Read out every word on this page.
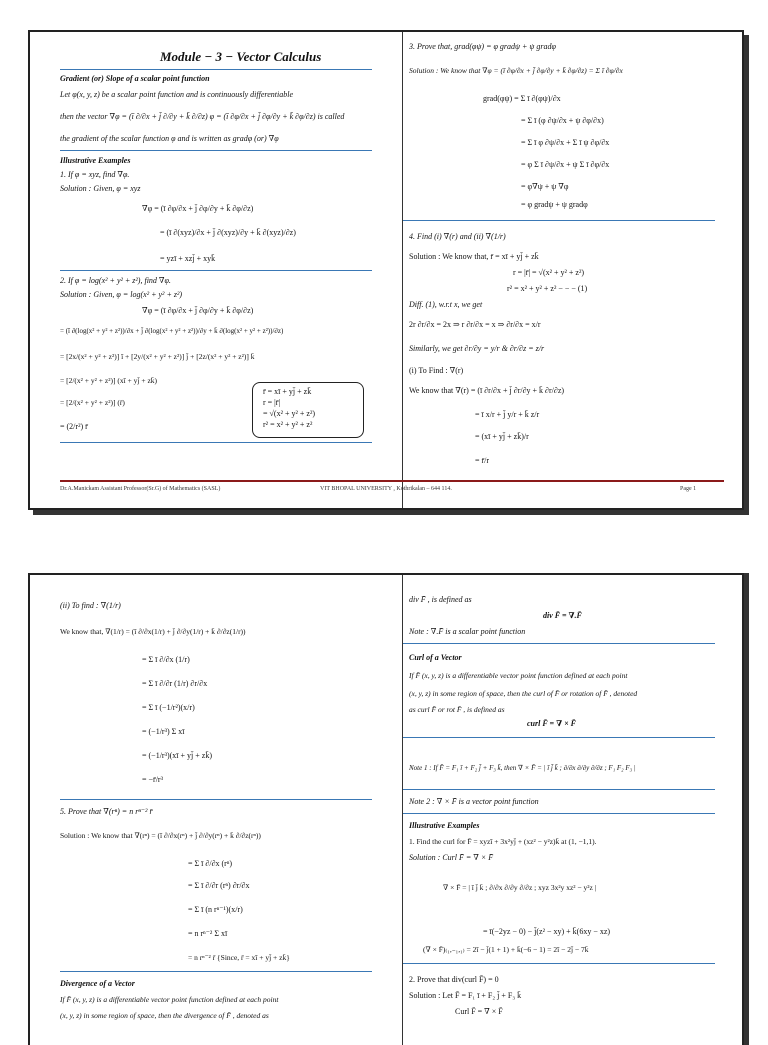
Module − 3 − Vector Calculus
Gradient (or) Slope of a scalar point function
Let φ(x, y, z) be a scalar point function and is continuously differentiable
then the vector ∇φ = (ī ∂/∂x + j̄ ∂/∂y + k̄ ∂/∂z) φ = (ī ∂φ/∂x + j̄ ∂φ/∂y + k̄ ∂φ/∂z) is called
the gradient of the scalar function φ and is written as gradφ (or) ∇φ
Illustrative Examples
1. If φ = xyz, find ∇φ.
Solution : Given, φ = xyz
∇φ = (ī ∂φ/∂x + j̄ ∂φ/∂y + k̄ ∂φ/∂z)
= (ī ∂(xyz)/∂x + j̄ ∂(xyz)/∂y + k̄ ∂(xyz)/∂z)
= yzī + xzj̄ + xyk̄
2. If φ = log(x² + y² + z²), find ∇φ.
Solution : Given, φ = log(x² + y² + z²)
∇φ = (ī ∂φ/∂x + j̄ ∂φ/∂y + k̄ ∂φ/∂z)
= (ī ∂(log(x² + y² + z²))/∂x + j̄ ∂(log(x² + y² + z²))/∂y + k̄ ∂(log(x² + y² + z²))/∂z)
= [2x/(x² + y² + z²)] ī + [2y/(x² + y² + z²)] j̄ + [2z/(x² + y² + z²)] k̄
= [2/(x² + y² + z²)] (xī + yj̄ + zk̄)
= [2/(x² + y² + z²)] (r̄)
= (2/r²) r̄
r̄ = xī + yj̄ + zk̄
r = |r̄|
= √(x² + y² + z²)
r² = x² + y² + z²
3. Prove that, grad(φψ) = φ gradψ + ψ gradφ
Solution : We know that ∇φ = (ī ∂φ/∂x + j̄ ∂φ/∂y + k̄ ∂φ/∂z) = Σ ī ∂φ/∂x
grad(φψ) = Σ ī ∂(φψ)/∂x
= Σ ī (φ ∂ψ/∂x + ψ ∂φ/∂x)
= Σ ī φ ∂ψ/∂x + Σ ī ψ ∂φ/∂x
= φ Σ ī ∂ψ/∂x + ψ Σ ī ∂φ/∂x
= φ∇ψ + ψ ∇φ
= φ gradψ + ψ gradφ
4. Find (i) ∇(r) and (ii) ∇(1/r)
Solution : We know that, r̄ = xī + yj̄ + zk̄
r = |r̄| = √(x² + y² + z²)
r² = x² + y² + z² − − − (1)
Diff. (1), w.r.t x, we get
2r ∂r/∂x = 2x ⇒ r ∂r/∂x = x ⇒ ∂r/∂x = x/r
Similarly, we get ∂r/∂y = y/r & ∂r/∂z = z/r
(i) To Find : ∇(r)
We know that ∇(r) = (ī ∂r/∂x + j̄ ∂r/∂y + k̄ ∂r/∂z)
= ī x/r + j̄ y/r + k̄ z/r
= (xī + yj̄ + zk̄)/r
= r̄/r
Dr.A.Manickam Assistant Professor(Sr.G) of Mathematics (SASL)	VIT BHOPAL UNIVERSITY , Kothrikalan – 644 114.	Page 1
(ii) To find : ∇(1/r)
We know that, ∇(1/r) = (ī ∂/∂x(1/r) + j̄ ∂/∂y(1/r) + k̄ ∂/∂z(1/r))
= Σ ī ∂/∂x (1/r)
= Σ ī ∂/∂r (1/r) ∂r/∂x
= Σ ī (−1/r²)(x/r)
= (−1/r³) Σ xī
= (−1/r³)(xī + yj̄ + zk̄)
= −r̄/r³
5. Prove that ∇(rⁿ) = n rⁿ⁻² r̄
Solution : We know that ∇(rⁿ) = (ī ∂/∂x(rⁿ) + j̄ ∂/∂y(rⁿ) + k̄ ∂/∂z(rⁿ))
= Σ ī ∂/∂x (rⁿ)
= Σ ī ∂/∂r (rⁿ) ∂r/∂x
= Σ ī (n rⁿ⁻¹)(x/r)
= n rⁿ⁻² Σ xī
= n rⁿ⁻² r̄ {Since, r̄ = xī + yj̄ + zk̄}
Divergence of a Vector
If F̄ (x, y, z) is a differentiable vector point function defined at each point
(x, y, z) in some region of space, then the divergence of F̄ , denoted as
div F̄ , is defined as
div F̄ = ∇.F̄
Note : ∇.F̄ is a scalar point function
Curl of a Vector
If F̄ (x, y, z) is a differentiable vector point function defined at each point
(x, y, z) in some region of space, then the curl of F̄ or rotation of F̄ , denoted
as curl F̄ or rot F̄ , is defined as
curl F̄ = ∇ × F̄
Note 1 : If F̄ = F₁ ī + F₂ j̄ + F₃ k̄, then ∇ × F̄ = | ī j̄ k̄ ; ∂/∂x ∂/∂y ∂/∂z ; F₁ F₂ F₃ |
Note 2 : ∇ × F̄ is a vector point function
Illustrative Examples
1. Find the curl for F̄ = xyzī + 3x²yj̄ + (xz² − y²z)k̄ at (1, −1,1).
Solution : Curl F̄ = ∇ × F̄
∇ × F̄ = | ī j̄ k̄ ; ∂/∂x ∂/∂y ∂/∂z ; xyz 3x²y xz² − y²z |
= ī(−2yz − 0) − j̄(z² − xy) + k̄(6xy − xz)
(∇ × F̄)₍₁,₋₁,₁₎ = 2ī − j̄(1 + 1) + k̄(−6 − 1) = 2ī − 2j̄ − 7k̄
2. Prove that div(curl F̄) = 0
Solution : Let F̄ = F₁ ī + F₂ j̄ + F₃ k̄
Curl F̄ = ∇ × F̄
